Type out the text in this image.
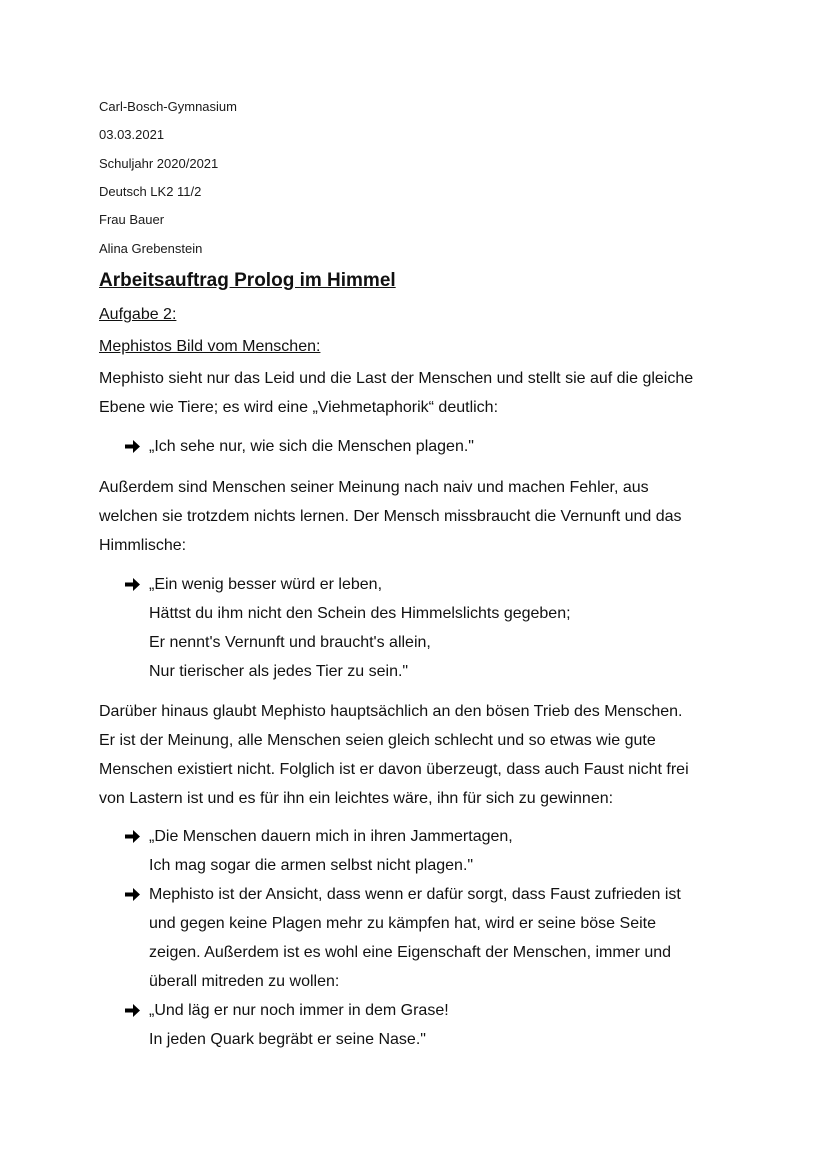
Carl-Bosch-Gymnasium
03.03.2021
Schuljahr 2020/2021
Deutsch LK2 11/2
Frau Bauer
Alina Grebenstein
Arbeitsauftrag Prolog im Himmel
Aufgabe 2:
Mephistos Bild vom Menschen:
Mephisto sieht nur das Leid und die Last der Menschen und stellt sie auf die gleiche
Ebene wie Tiere; es wird eine „Viehmetaphorik“ deutlich:
„Ich sehe nur, wie sich die Menschen plagen."
Außerdem sind Menschen seiner Meinung nach naiv und machen Fehler, aus
welchen sie trotzdem nichts lernen. Der Mensch missbraucht die Vernunft und das
Himmlische:
„Ein wenig besser würd er leben,
Hättst du ihm nicht den Schein des Himmelslichts gegeben;
Er nennt's Vernunft und braucht's allein,
Nur tierischer als jedes Tier zu sein."
Darüber hinaus glaubt Mephisto hauptsächlich an den bösen Trieb des Menschen.
Er ist der Meinung, alle Menschen seien gleich schlecht und so etwas wie gute
Menschen existiert nicht. Folglich ist er davon überzeugt, dass auch Faust nicht frei
von Lastern ist und es für ihn ein leichtes wäre, ihn für sich zu gewinnen:
„Die Menschen dauern mich in ihren Jammertagen,
Ich mag sogar die armen selbst nicht plagen."
Mephisto ist der Ansicht, dass wenn er dafür sorgt, dass Faust zufrieden ist
und gegen keine Plagen mehr zu kämpfen hat, wird er seine böse Seite
zeigen. Außerdem ist es wohl eine Eigenschaft der Menschen, immer und
überall mitreden zu wollen:
„Und läg er nur noch immer in dem Grase!
In jeden Quark begräbt er seine Nase."
